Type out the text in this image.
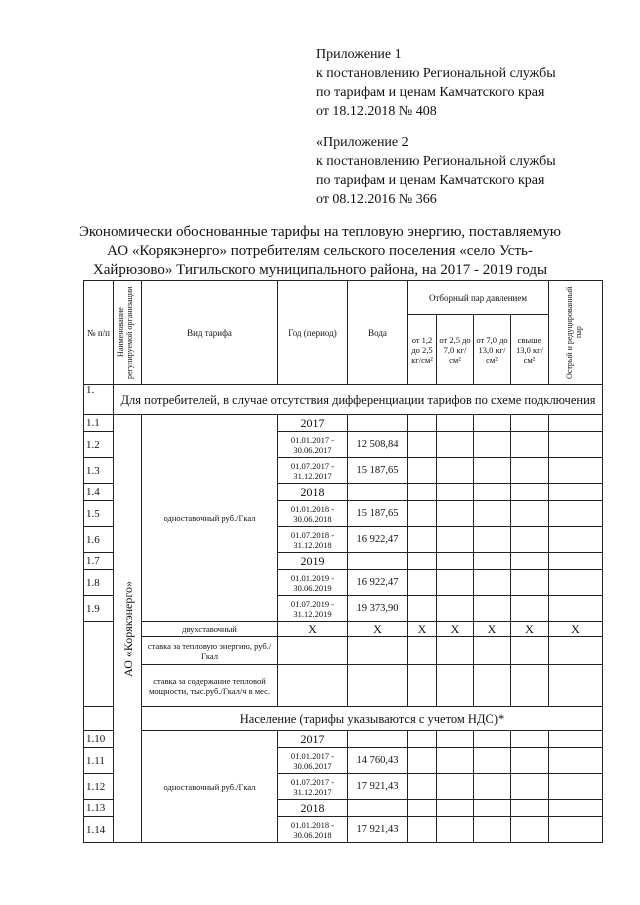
Приложение 1
к постановлению Региональной службы
по тарифам и ценам Камчатского края
от 18.12.2018 № 408
«Приложение 2
к постановлению Региональной службы
по тарифам и ценам Камчатского края
от 08.12.2016 № 366
Экономически обоснованные тарифы на тепловую энергию, поставляемую
АО «Корякэнерго» потребителям сельского поселения «село Усть-
Хайрюзово» Тигильского муниципального района, на 2017 - 2019 годы
№ п/п	Наименование регулируемой организации	Вид тарифа	Год (период)	Вода	Отборный пар давлением				Острый и редуцированный пар

					от 1,2 до 2,5 кг/см²	от 2,5 до 7,0 кг/см²	от 7,0 до 13,0 кг/см²	свыше 13,0 кг/см²	
1.	Для потребителей, в случае отсутствия дифференциации тарифов по схеме подключения								
1.1	АО «Корякэнерго»	одноставочный руб./Гкал	2017						
1.2			01.01.2017 - 30.06.2017	12 508,84					
1.3			01.07.2017 - 31.12.2017	15 187,65					
1.4			2018						
1.5			01.01.2018 - 30.06.2018	15 187,65					
1.6			01.07.2018 - 31.12.2018	16 922,47					
1.7			2019						
1.8			01.01.2019 - 30.06.2019	16 922,47					
1.9			01.07.2019 - 31.12.2019	19 373,90					
		двухставочный	X	X	X	X	X	X	X
		ставка за тепловую энергию, руб./Гкал							
		ставка за содержание тепловой мощности, тыс.руб./Гкал/ч в мес.							
		Население (тарифы указываются с учетом НДС)*							
1.10		одноставочный руб./Гкал	2017						
1.11			01.01.2017 - 30.06.2017	14 760,43					
1.12			01.07.2017 - 31.12.2017	17 921,43					
1.13			2018						
1.14			01.01.2018 - 30.06.2018	17 921,43					
